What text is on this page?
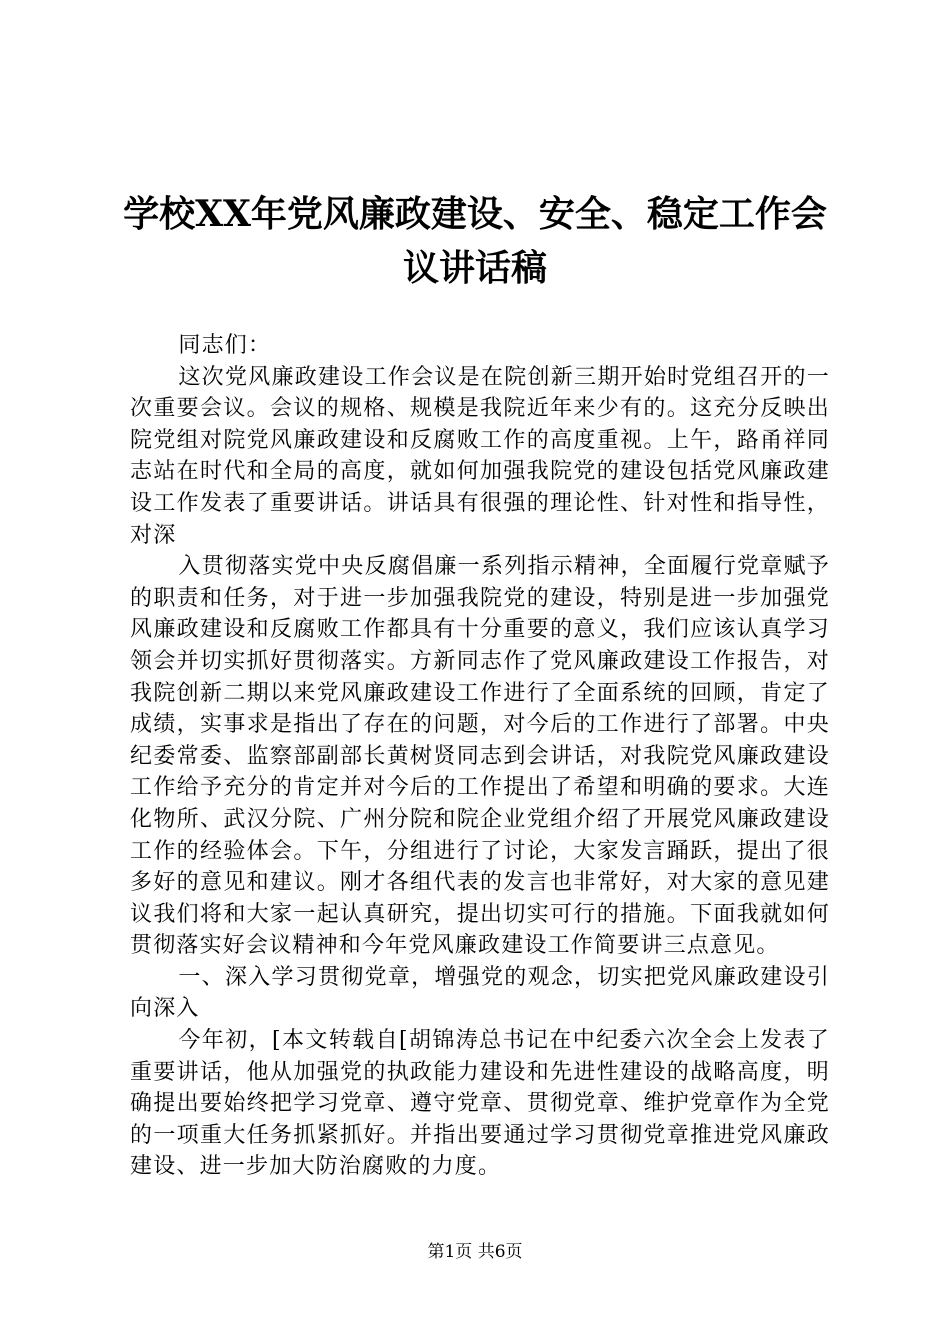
学校XX年党风廉政建设、安全、稳定工作会议讲话稿

同志们：

这次党风廉政建设工作会议是在院创新三期开始时党组召开的一次重要会议。会议的规格、规模是我院近年来少有的。这充分反映出院党组对院党风廉政建设和反腐败工作的高度重视。上午，路甬祥同志站在时代和全局的高度，就如何加强我院党的建设包括党风廉政建设工作发表了重要讲话。讲话具有很强的理论性、针对性和指导性，对深

入贯彻落实党中央反腐倡廉一系列指示精神，全面履行党章赋予的职责和任务，对于进一步加强我院党的建设，特别是进一步加强党风廉政建设和反腐败工作都具有十分重要的意义，我们应该认真学习领会并切实抓好贯彻落实。方新同志作了党风廉政建设工作报告，对我院创新二期以来党风廉政建设工作进行了全面系统的回顾，肯定了成绩，实事求是指出了存在的问题，对今后的工作进行了部署。中央纪委常委、监察部副部长黄树贤同志到会讲话，对我院党风廉政建设工作给予充分的肯定并对今后的工作提出了希望和明确的要求。大连化物所、武汉分院、广州分院和院企业党组介绍了开展党风廉政建设工作的经验体会。下午，分组进行了讨论，大家发言踊跃，提出了很多好的意见和建议。刚才各组代表的发言也非常好，对大家的意见建议我们将和大家一起认真研究，提出切实可行的措施。下面我就如何贯彻落实好会议精神和今年党风廉政建设工作简要讲三点意见。

一、深入学习贯彻党章，增强党的观念，切实把党风廉政建设引向深入

今年初，[本文转载自[胡锦涛总书记在中纪委六次全会上发表了重要讲话，他从加强党的执政能力建设和先进性建设的战略高度，明确提出要始终把学习党章、遵守党章、贯彻党章、维护党章作为全党的一项重大任务抓紧抓好。并指出要通过学习贯彻党章推进党风廉政建设、进一步加大防治腐败的力度。

第1页 共6页
